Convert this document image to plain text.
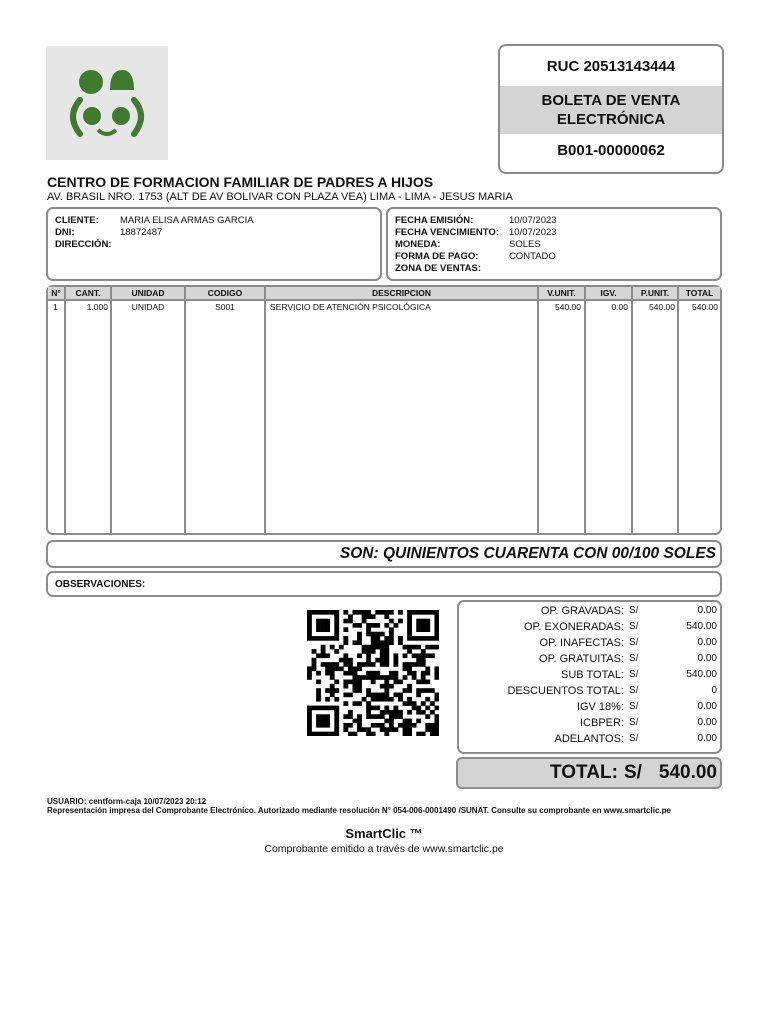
RUC 20513143444
BOLETA DE VENTA
ELECTRÓNICA
B001-00000062
CENTRO DE FORMACION FAMILIAR DE PADRES A HIJOS
AV. BRASIL NRO. 1753 (ALT DE AV BOLIVAR CON PLAZA VEA) LIMA - LIMA - JESUS MARIA
CLIENTE: MARIA ELISA ARMAS GARCIA
DNI:	18872487
DIRECCIÓN:
FECHA EMISIÓN:	10/07/2023
FECHA VENCIMIENTO: 10/07/2023
MONEDA:	SOLES
FORMA DE PAGO:	CONTADO
ZONA DE VENTAS:
N°	CANT.	UNIDAD	CODIGO	DESCRIPCION	V.UNIT.	IGV.	P.UNIT.	TOTAL
1	1.000	UNIDAD	S001	SERVICIO DE ATENCIÓN PSICOLÓGICA	540.00	0.00	540.00	540.00
SON: QUINIENTOS CUARENTA CON 00/100 SOLES
OBSERVACIONES:
OP. GRAVADAS: S/	0.00
OP. EXONERADAS: S/	540.00
OP. INAFECTAS: S/	0.00
OP. GRATUITAS: S/	0.00
SUB TOTAL: S/	540.00
DESCUENTOS TOTAL: S/	0
IGV 18%: S/	0.00
ICBPER: S/	0.00
ADELANTOS: S/	0.00
TOTAL: S/ 540.00
USUARIO: centform-caja 10/07/2023 20:12
Representación impresa del Comprobante Electrónico. Autorizado mediante resolución N° 054-006-0001490 /SUNAT. Consulte su comprobante en www.smartclic.pe
SmartClic ™
Comprobante emitido a través de www.smartclic.pe
